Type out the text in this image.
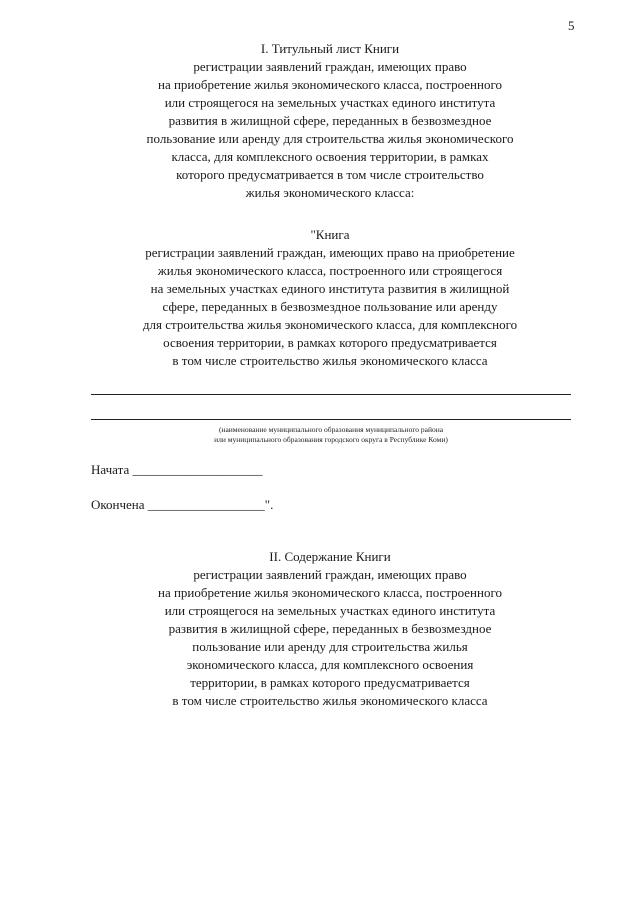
5
I. Титульный лист Книги
регистрации заявлений граждан, имеющих право
на приобретение жилья экономического класса, построенного
или строящегося на земельных участках единого института
развития в жилищной сфере, переданных в безвозмездное
пользование или аренду для строительства жилья экономического
класса, для комплексного освоения территории, в рамках
которого предусматривается в том числе строительство
жилья экономического класса:
"Книга
регистрации заявлений граждан, имеющих право на приобретение
жилья экономического класса, построенного или строящегося
на земельных участках единого института развития в жилищной
сфере, переданных в безвозмездное пользование или аренду
для строительства жилья экономического класса, для комплексного
освоения территории, в рамках которого предусматривается
в том числе строительство жилья экономического класса
(наименование муниципального образования муниципального района
или муниципального образования городского округа в Республике Коми)
Начата ____________________
Окончена __________________".
II. Содержание Книги
регистрации заявлений граждан, имеющих право
на приобретение жилья экономического класса, построенного
или строящегося на земельных участках единого института
развития в жилищной сфере, переданных в безвозмездное
пользование или аренду для строительства жилья
экономического класса, для комплексного освоения
территории, в рамках которого предусматривается
в том числе строительство жилья экономического класса
